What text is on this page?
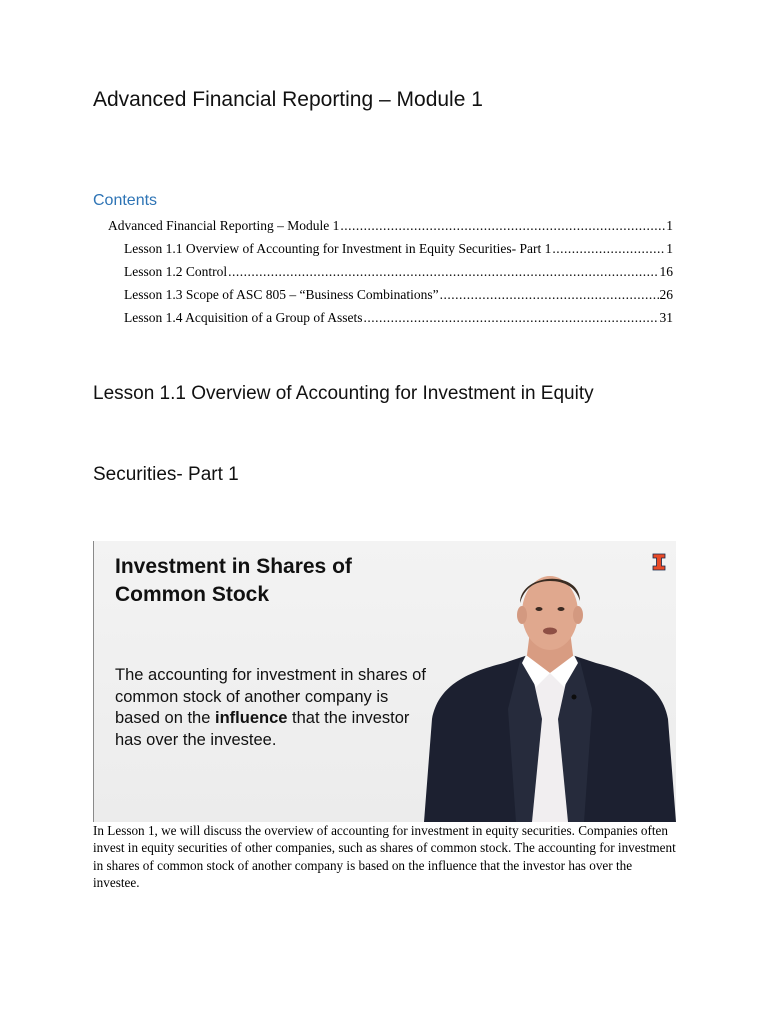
Advanced Financial Reporting – Module 1
Contents
Advanced Financial Reporting – Module 1 .....	1
Lesson 1.1 Overview of Accounting for Investment in Equity Securities- Part 1 .....	1
Lesson 1.2 Control .....	16
Lesson 1.3 Scope of ASC 805 – “Business Combinations” .....	26
Lesson 1.4 Acquisition of a Group of Assets .....	31
Lesson 1.1 Overview of Accounting for Investment in Equity
Securities- Part 1
Investment in Shares of Common Stock
The accounting for investment in shares of common stock of another company is based on the influence that the investor has over the investee.
In Lesson 1, we will discuss the overview of accounting for investment in equity securities. Companies often invest in equity securities of other companies, such as shares of common stock. The accounting for investment in shares of common stock of another company is based on the influence that the investor has over the investee.
